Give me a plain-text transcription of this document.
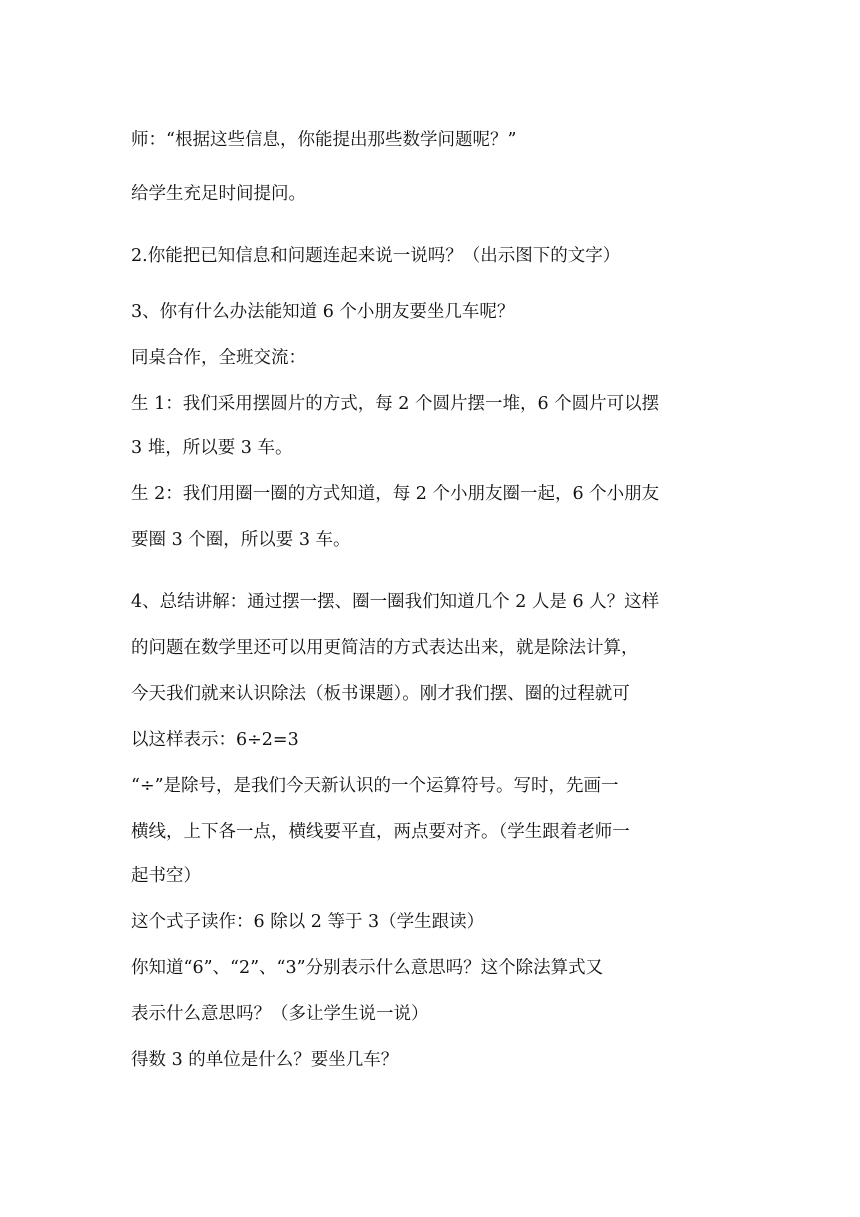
师：“根据这些信息，你能提出那些数学问题呢？”

给学生充足时间提问。

2.你能把已知信息和问题连起来说一说吗？（出示图下的文字）

3、你有什么办法能知道 6 个小朋友要坐几车呢？

同桌合作，全班交流：

生 1：我们采用摆圆片的方式，每 2 个圆片摆一堆，6 个圆片可以摆

3 堆，所以要 3 车。

生 2：我们用圈一圈的方式知道，每 2 个小朋友圈一起，6 个小朋友

要圈 3 个圈，所以要 3 车。

4、总结讲解：通过摆一摆、圈一圈我们知道几个 2 人是 6 人？这样

的问题在数学里还可以用更简洁的方式表达出来，就是除法计算，

今天我们就来认识除法（板书课题）。刚才我们摆、圈的过程就可

以这样表示：6÷2=3

“÷”是除号，是我们今天新认识的一个运算符号。写时，先画一

横线，上下各一点，横线要平直，两点要对齐。（学生跟着老师一

起书空）

这个式子读作：6 除以 2 等于 3（学生跟读）

你知道“6”、“2”、“3”分别表示什么意思吗？这个除法算式又

表示什么意思吗？（多让学生说一说）

得数 3 的单位是什么？要坐几车？
